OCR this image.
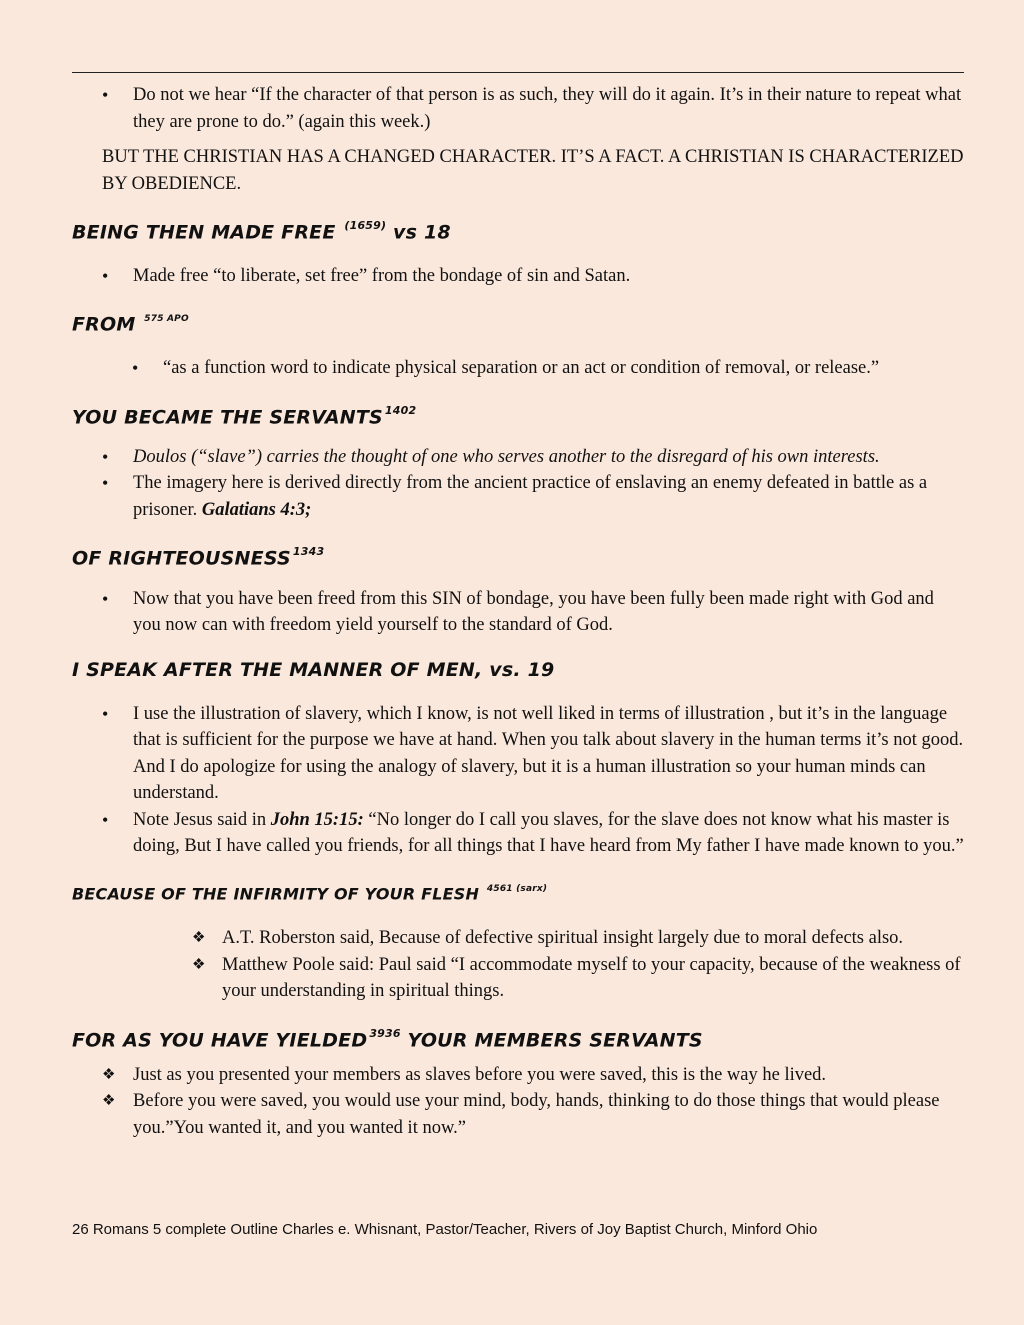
•	Do not we hear “If the character of that person is as such, they will do it again. It’s in their nature to repeat what they are prone to do.” (again this week.)
BUT THE CHRISTIAN HAS A CHANGED CHARACTER. IT’S A FACT. A CHRISTIAN IS CHARACTERIZED BY OBEDIENCE.
BEING THEN MADE FREE $^{(1659)}$ vs 18
•	Made free “to liberate, set free” from the bondage of sin and Satan.
FROM $^{575 APO}$
•	“as a function word to indicate physical separation or an act or condition of removal, or release.”
YOU BECAME THE SERVANTS $^{1402}$
•	Doulos (“slave”) carries the thought of one who serves another to the disregard of his own interests.
•	The imagery here is derived directly from the ancient practice of enslaving an enemy defeated in battle as a prisoner. Galatians 4:3;
OF RIGHTEOUSNESS $^{1343}$
•	Now that you have been freed from this SIN of bondage, you have been fully been made right with God and you now can with freedom yield yourself to the standard of God.
I SPEAK AFTER THE MANNER OF MEN, vs. 19
•	I use the illustration of slavery, which I know, is not well liked in terms of illustration , but it’s in the language that is sufficient for the purpose we have at hand. When you talk about slavery in the human terms it’s not good. And I do apologize for using the analogy of slavery, but it is a human illustration so your human minds can understand.
•	Note Jesus said in John 15:15: “No longer do I call you slaves, for the slave does not know what his master is doing, But I have called you friends, for all things that I have heard from My father I have made known to you.”
BECAUSE OF THE INFIRMITY OF YOUR FLESH $^{4561 (sarx)}$
❖ A.T. Roberston said, Because of defective spiritual insight largely due to moral defects also.
❖ Matthew Poole said: Paul said “I accommodate myself to your capacity, because of the weakness of your understanding in spiritual things.
FOR AS YOU HAVE YIELDED $^{3936}$ YOUR MEMBERS SERVANTS
❖ Just as you presented your members as slaves before you were saved, this is the way he lived.
❖ Before you were saved, you would use your mind, body, hands, thinking to do those things that would please you.”You wanted it, and you wanted it now.”
26 Romans 5 complete Outline Charles e. Whisnant, Pastor/Teacher, Rivers of Joy Baptist Church, Minford Ohio
